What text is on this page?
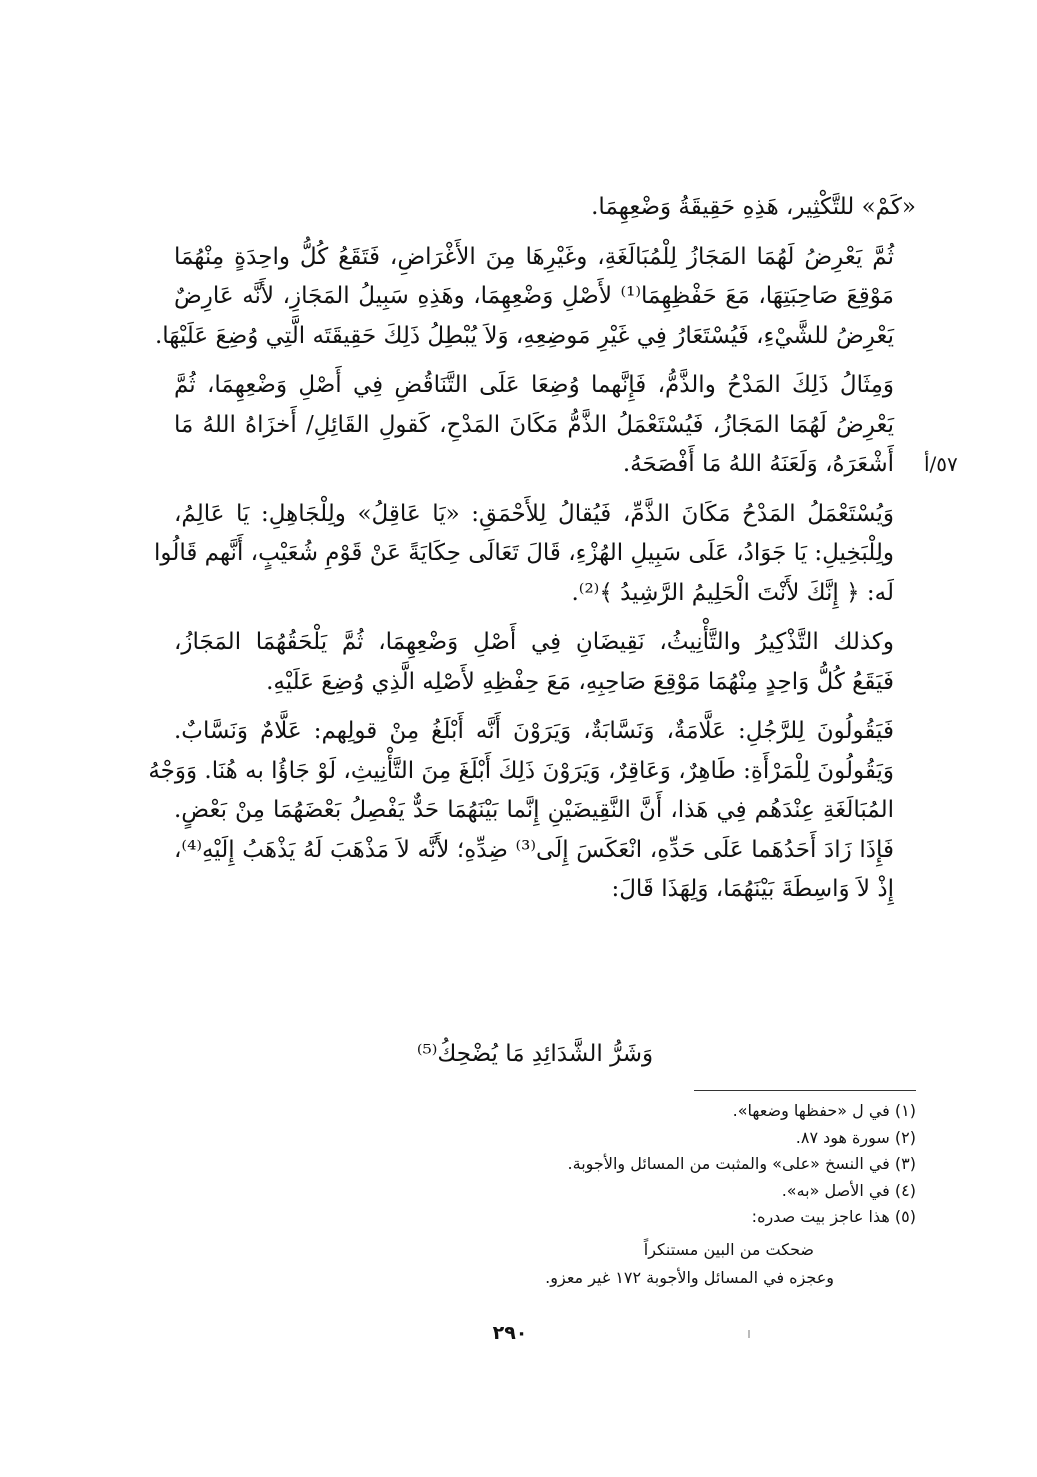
«كَمْ» للتَّكْثِير، هَذِهِ حَقِيقَةُ وَضْعِهِمَا.

ثُمَّ يَعْرِضُ لَهُمَا المَجَازُ لِلْمُبَالَغَةِ، وغَيْرِهَا مِنَ الأَغْرَاضِ، فَتَقَعُ كُلُّ واحِدَةٍ مِنْهُمَا
مَوْقِعَ صَاحِبَتِهَا، مَعَ حَفْظِهِمَا⁽¹⁾ لأَصْلِ وَضْعِهِمَا، وهَذِهِ سَبِيلُ المَجَازِ، لأَنَّه عَارِضٌ
يَعْرِضُ للشَّيْءِ، فَيُسْتَعَارُ فِي غَيْرِ مَوضِعِهِ، وَلاَ يُبْطِلُ ذَلِكَ حَقِيقَتَه الَّتِي وُضِعَ عَلَيْهَا.

وَمِثَالُ ذَلِكَ المَدْحُ والذَّمُّ، فَإِنَّهما وُضِعَا عَلَى التَّنَاقُضِ فِي أَصْلِ وَضْعِهِمَا، ثُمَّ
يَعْرِضُ لَهُمَا المَجَازُ، فَيُسْتَعْمَلُ الذَّمُّ مَكَانَ المَدْحِ، كَقولِ القَائِلِ/ أَخزَاهُ اللهُ مَا
أَشْعَرَهُ، وَلَعَنَهُ اللهُ مَا أَفْصَحَهُ.

وَيُسْتَعْمَلُ المَدْحُ مَكَانَ الذَّمِّ، فَيُقالُ لِلأَحْمَقِ: «يَا عَاقِلُ» ولِلْجَاهِلِ: يَا عَالِمُ،
ولِلْبَخِيلِ: يَا جَوَادُ، عَلَى سَبِيلِ الهُزْءِ، قَالَ تَعَالَى حِكَايَةً عَنْ قَوْمِ شُعَيْبٍ، أَنَّهم قَالُوا
لَه: ﴿ إِنَّكَ لأَنْتَ الْحَلِيمُ الرَّشِيدُ ﴾⁽²⁾.

وكذلك التَّذْكِيرُ والتَّأْنِيثُ، نَقِيضَانِ فِي أَصْلِ وَضْعِهِمَا، ثُمَّ يَلْحَقُهُمَا المَجَازُ،
فَيَقَعُ كُلُّ وَاحِدٍ مِنْهُمَا مَوْقِعَ صَاحِبِهِ، مَعَ حِفْظِهِ لأَصْلِه الَّذِي وُضِعَ عَلَيْهِ.

فَيَقُولُونَ لِلرَّجُلِ: عَلَّامَةٌ، وَنَسَّابَةٌ، وَيَرَوْنَ أَنَّه أَبْلَغُ مِنْ قولِهم: عَلَّامٌ وَنَسَّابٌ.
وَيَقُولُونَ لِلْمَرْأَةِ: طَاهِرٌ، وَعَاقِرٌ، وَيَرَوْنَ ذَلِكَ أَبْلَغَ مِنَ التَّأْنِيثِ، لَوْ جَاؤُا به هُنَا. وَوَجْهُ
المُبَالَغَةِ عِنْدَهُم فِي هَذا، أَنَّ النَّقِيضَيْنِ إِنَّما بَيْنَهُمَا حَدٌّ يَفْصِلُ بَعْضَهُمَا مِنْ بَعْضٍ.
فَإِذَا زَادَ أَحَدُهَما عَلَى حَدِّهِ، انْعَكَسَ إِلَى⁽³⁾ ضِدِّهِ؛ لأَنَّه لاَ مَذْهَبَ لَهُ يَذْهَبُ إِلَيْهِ⁽⁴⁾،
إِذْ لاَ وَاسِطَةَ بَيْنَهُمَا، وَلِهَذَا قَالَ:

٥٧/أ
وَشَرُّ الشَّدَائِدِ مَا يُضْحِكُ⁽⁵⁾
(١) في ل «حفظها وضعها».
(٢) سورة هود ٨٧.
(٣) في النسخ «على» والمثبت من المسائل والأجوبة.
(٤) في الأصل «به».
(٥) هذا عاجز بيت صدره:
ضحكت من البين مستنكراً
وعجزه في المسائل والأجوبة ١٧٢ غير معزو.
٢٩٠
